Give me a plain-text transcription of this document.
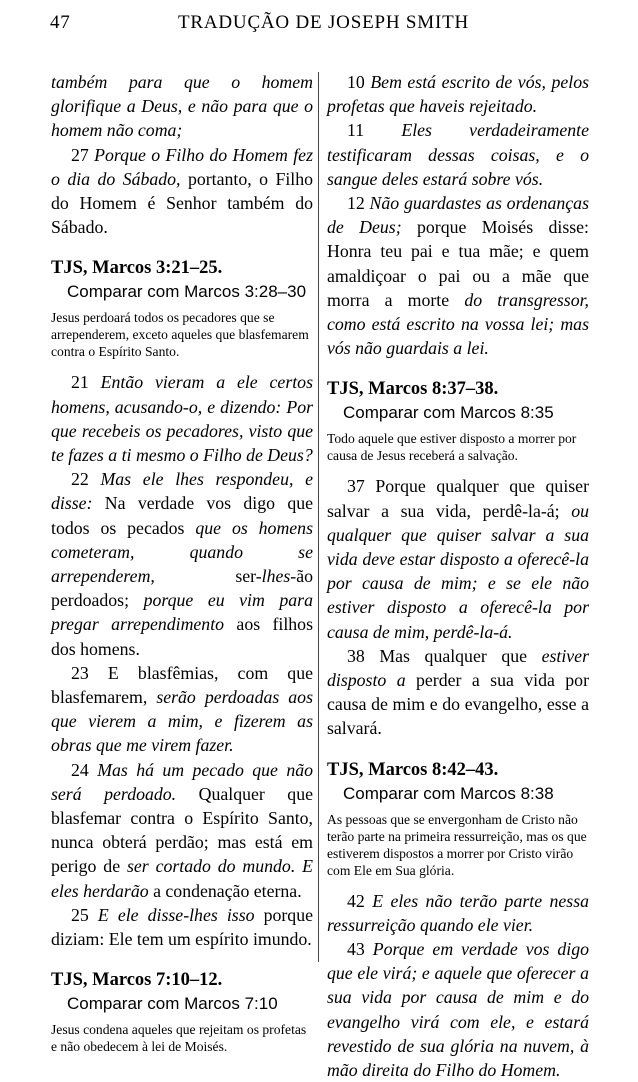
47	TRADUÇÃO DE JOSEPH SMITH

também para que o homem glorifique a Deus, e não para que o homem não coma;

27 Porque o Filho do Homem fez o dia do Sábado, portanto, o Filho do Homem é Senhor também do Sábado.

TJS, Marcos 3:21–25.

Comparar com Marcos 3:28–30

Jesus perdoará todos os pecadores que se arrependerem, exceto aqueles que blasfemarem contra o Espírito Santo.

21 Então vieram a ele certos homens, acusando-o, e dizendo: Por que recebeis os pecadores, visto que te fazes a ti mesmo o Filho de Deus?

22 Mas ele lhes respondeu, e disse: Na verdade vos digo que todos os pecados que os homens cometeram, quando se arrependerem,	ser-lhes-ão perdoados; porque eu vim para pregar arrependimento aos filhos dos homens.

23 E blasfêmias, com que blasfemarem, serão perdoadas aos que vierem a mim, e fizerem as obras que me virem fazer.

24 Mas há um pecado que não será perdoado. Qualquer que blasfemar contra o Espírito Santo, nunca obterá perdão; mas está em perigo de ser cortado do mundo. E eles herdarão a condenação eterna.

25 E ele disse-lhes isso porque diziam: Ele tem um espírito imundo.

TJS, Marcos 7:10–12.

Comparar com Marcos 7:10

Jesus condena aqueles que rejeitam os profetas e não obedecem à lei de Moisés.

10 Bem está escrito de vós, pelos profetas que haveis rejeitado.

11 Eles verdadeiramente testificaram dessas coisas, e o sangue deles estará sobre vós.

12 Não guardastes as ordenanças de Deus; porque Moisés disse: Honra teu pai e tua mãe; e quem amaldiçoar o pai ou a mãe que morra a morte do transgressor, como está escrito na vossa lei; mas vós não guardais a lei.

TJS, Marcos 8:37–38.

Comparar com Marcos 8:35

Todo aquele que estiver disposto a morrer por causa de Jesus receberá a salvação.

37 Porque qualquer que quiser salvar a sua vida, perdê-la-á; ou qualquer que quiser salvar a sua vida deve estar disposto a oferecê-la por causa de mim; e se ele não estiver disposto a oferecê-la por causa de mim, perdê-la-á.

38 Mas qualquer que estiver disposto a perder a sua vida por causa de mim e do evangelho, esse a salvará.

TJS, Marcos 8:42–43.

Comparar com Marcos 8:38

As pessoas que se envergonham de Cristo não terão parte na primeira ressurreição, mas os que estiverem dispostos a morrer por Cristo virão com Ele em Sua glória.

42 E eles não terão parte nessa ressurreição quando ele vier.

43 Porque em verdade vos digo que ele virá; e aquele que oferecer a sua vida por causa de mim e do evangelho virá com ele, e estará revestido de sua glória na nuvem, à mão direita do Filho do Homem.
